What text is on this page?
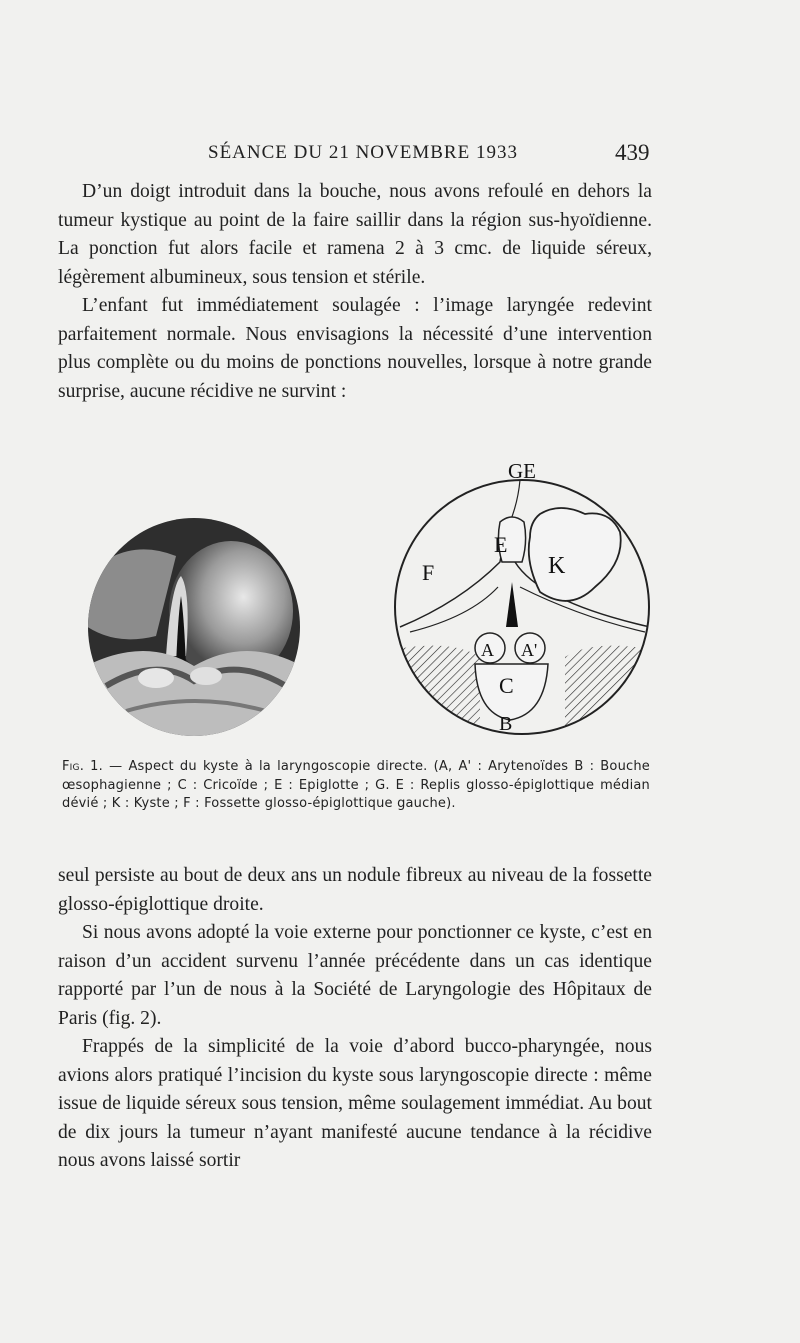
SÉANCE DU 21 NOVEMBRE 1933	439

D’un doigt introduit dans la bouche, nous avons refoulé en dehors la tumeur kystique au point de la faire saillir dans la région sus-hyoïdienne. La ponction fut alors facile et ramena 2 à 3 cmc. de liquide séreux, légèrement albumineux, sous tension et stérile.

L’enfant fut immédiatement soulagée : l’image laryngée redevint parfaitement normale. Nous envisagions la nécessité d’une intervention plus complète ou du moins de ponctions nouvelles, lorsque à notre grande surprise, aucune récidive ne survint :

GE
E
K
F
A A'
C
B
Fig. 1. — Aspect du kyste à la laryngoscopie directe. (A, A' : Arytenoïdes B : Bouche œsophagienne ; C : Cricoïde ; E : Epiglotte ; G. E : Replis glosso-épiglottique médian dévié ; K : Kyste ; F : Fossette glosso-épiglottique gauche).

seul persiste au bout de deux ans un nodule fibreux au niveau de la fossette glosso-épiglottique droite.

Si nous avons adopté la voie externe pour ponctionner ce kyste, c’est en raison d’un accident survenu l’année précédente dans un cas identique rapporté par l’un de nous à la Société de Laryngologie des Hôpitaux de Paris (fig. 2).

Frappés de la simplicité de la voie d’abord bucco-pharyngée, nous avions alors pratiqué l’incision du kyste sous laryngoscopie directe : même issue de liquide séreux sous tension, même soulagement immédiat. Au bout de dix jours la tumeur n’ayant manifesté aucune tendance à la récidive nous avons laissé sortir
